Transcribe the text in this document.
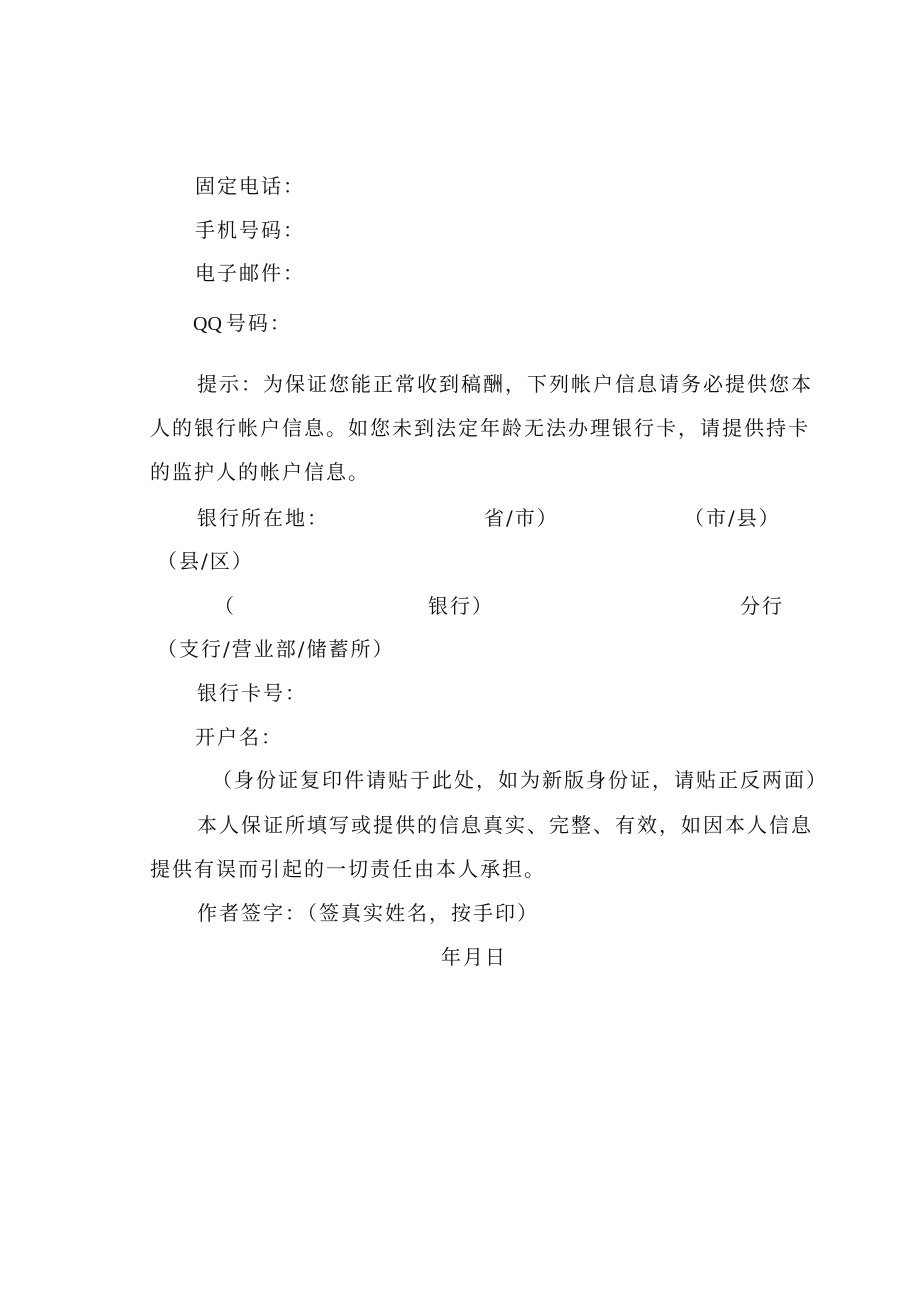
固定电话：
手机号码：
电子邮件：
QQ 号码：
提示：为保证您能正常收到稿酬，下列帐户信息请务必提供您本
人的银行帐户信息。如您未到法定年龄无法办理银行卡，请提供持卡
的监护人的帐户信息。
银行所在地：	省/市）	（市/县）
（县/区）
（	银行）	分行
（支行/营业部/储蓄所）
银行卡号：
开户名：
（身份证复印件请贴于此处，如为新版身份证，请贴正反两面）
本人保证所填写或提供的信息真实、完整、有效，如因本人信息
提供有误而引起的一切责任由本人承担。
作者签字：（签真实姓名，按手印）
年月日
